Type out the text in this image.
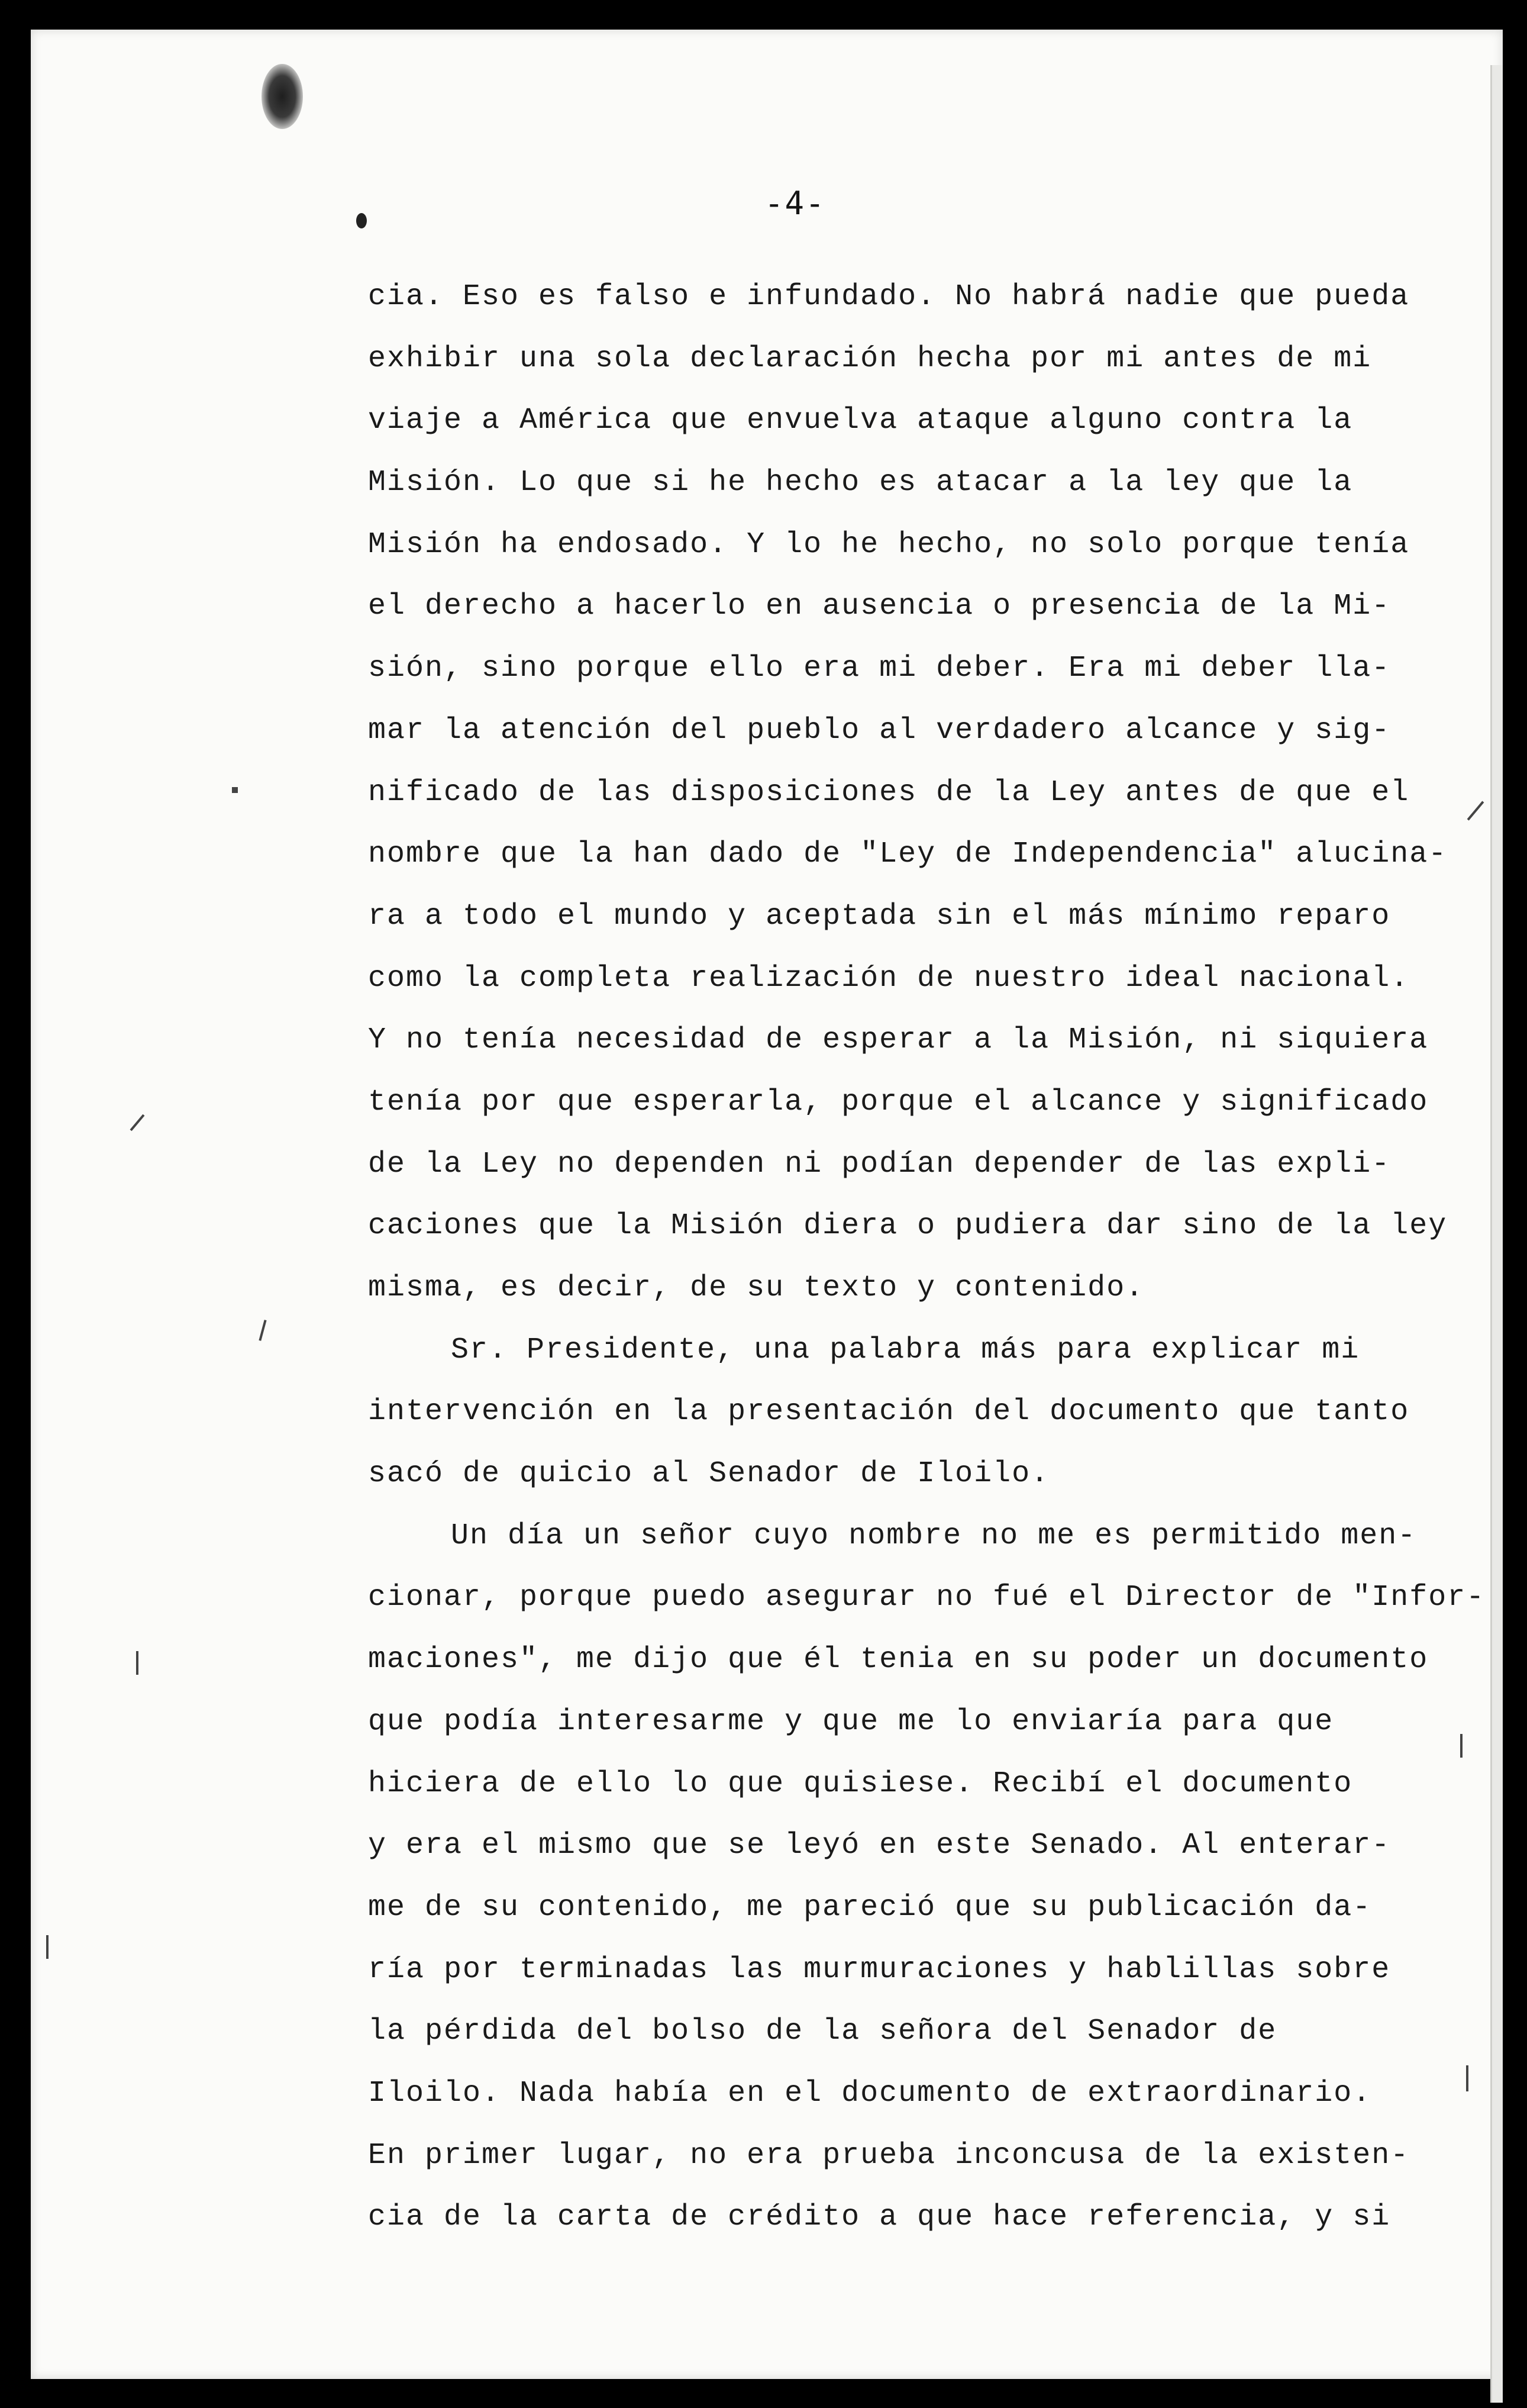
-4-
cia. Eso es falso e infundado. No habrá nadie que pueda
exhibir una sola declaración hecha por mi antes de mi
viaje a América que envuelva ataque alguno contra la
Misión. Lo que si he hecho es atacar a la ley que la
Misión ha endosado. Y lo he hecho, no solo porque tenía
el derecho a hacerlo en ausencia o presencia de la Mi-
sión, sino porque ello era mi deber. Era mi deber lla-
mar la atención del pueblo al verdadero alcance y sig-
nificado de las disposiciones de la Ley antes de que el
nombre que la han dado de "Ley de Independencia" alucina-
ra a todo el mundo y aceptada sin el más mínimo reparo
como la completa realización de nuestro ideal nacional.
Y no tenía necesidad de esperar a la Misión, ni siquiera
tenía por que esperarla, porque el alcance y significado
de la Ley no dependen ni podían depender de las expli-
caciones que la Misión diera o pudiera dar sino de la ley
misma, es decir, de su texto y contenido.
Sr. Presidente, una palabra más para explicar mi
intervención en la presentación del documento que tanto
sacó de quicio al Senador de Iloilo.
Un día un señor cuyo nombre no me es permitido men-
cionar, porque puedo asegurar no fué el Director de "Infor-
maciones", me dijo que él tenia en su poder un documento
que podía interesarme y que me lo enviaría para que
hiciera de ello lo que quisiese. Recibí el documento
y era el mismo que se leyó en este Senado. Al enterar-
me de su contenido, me pareció que su publicación da-
ría por terminadas las murmuraciones y hablillas sobre
la pérdida del bolso de la señora del Senador de
Iloilo. Nada había en el documento de extraordinario.
En primer lugar, no era prueba inconcusa de la existen-
cia de la carta de crédito a que hace referencia, y si
